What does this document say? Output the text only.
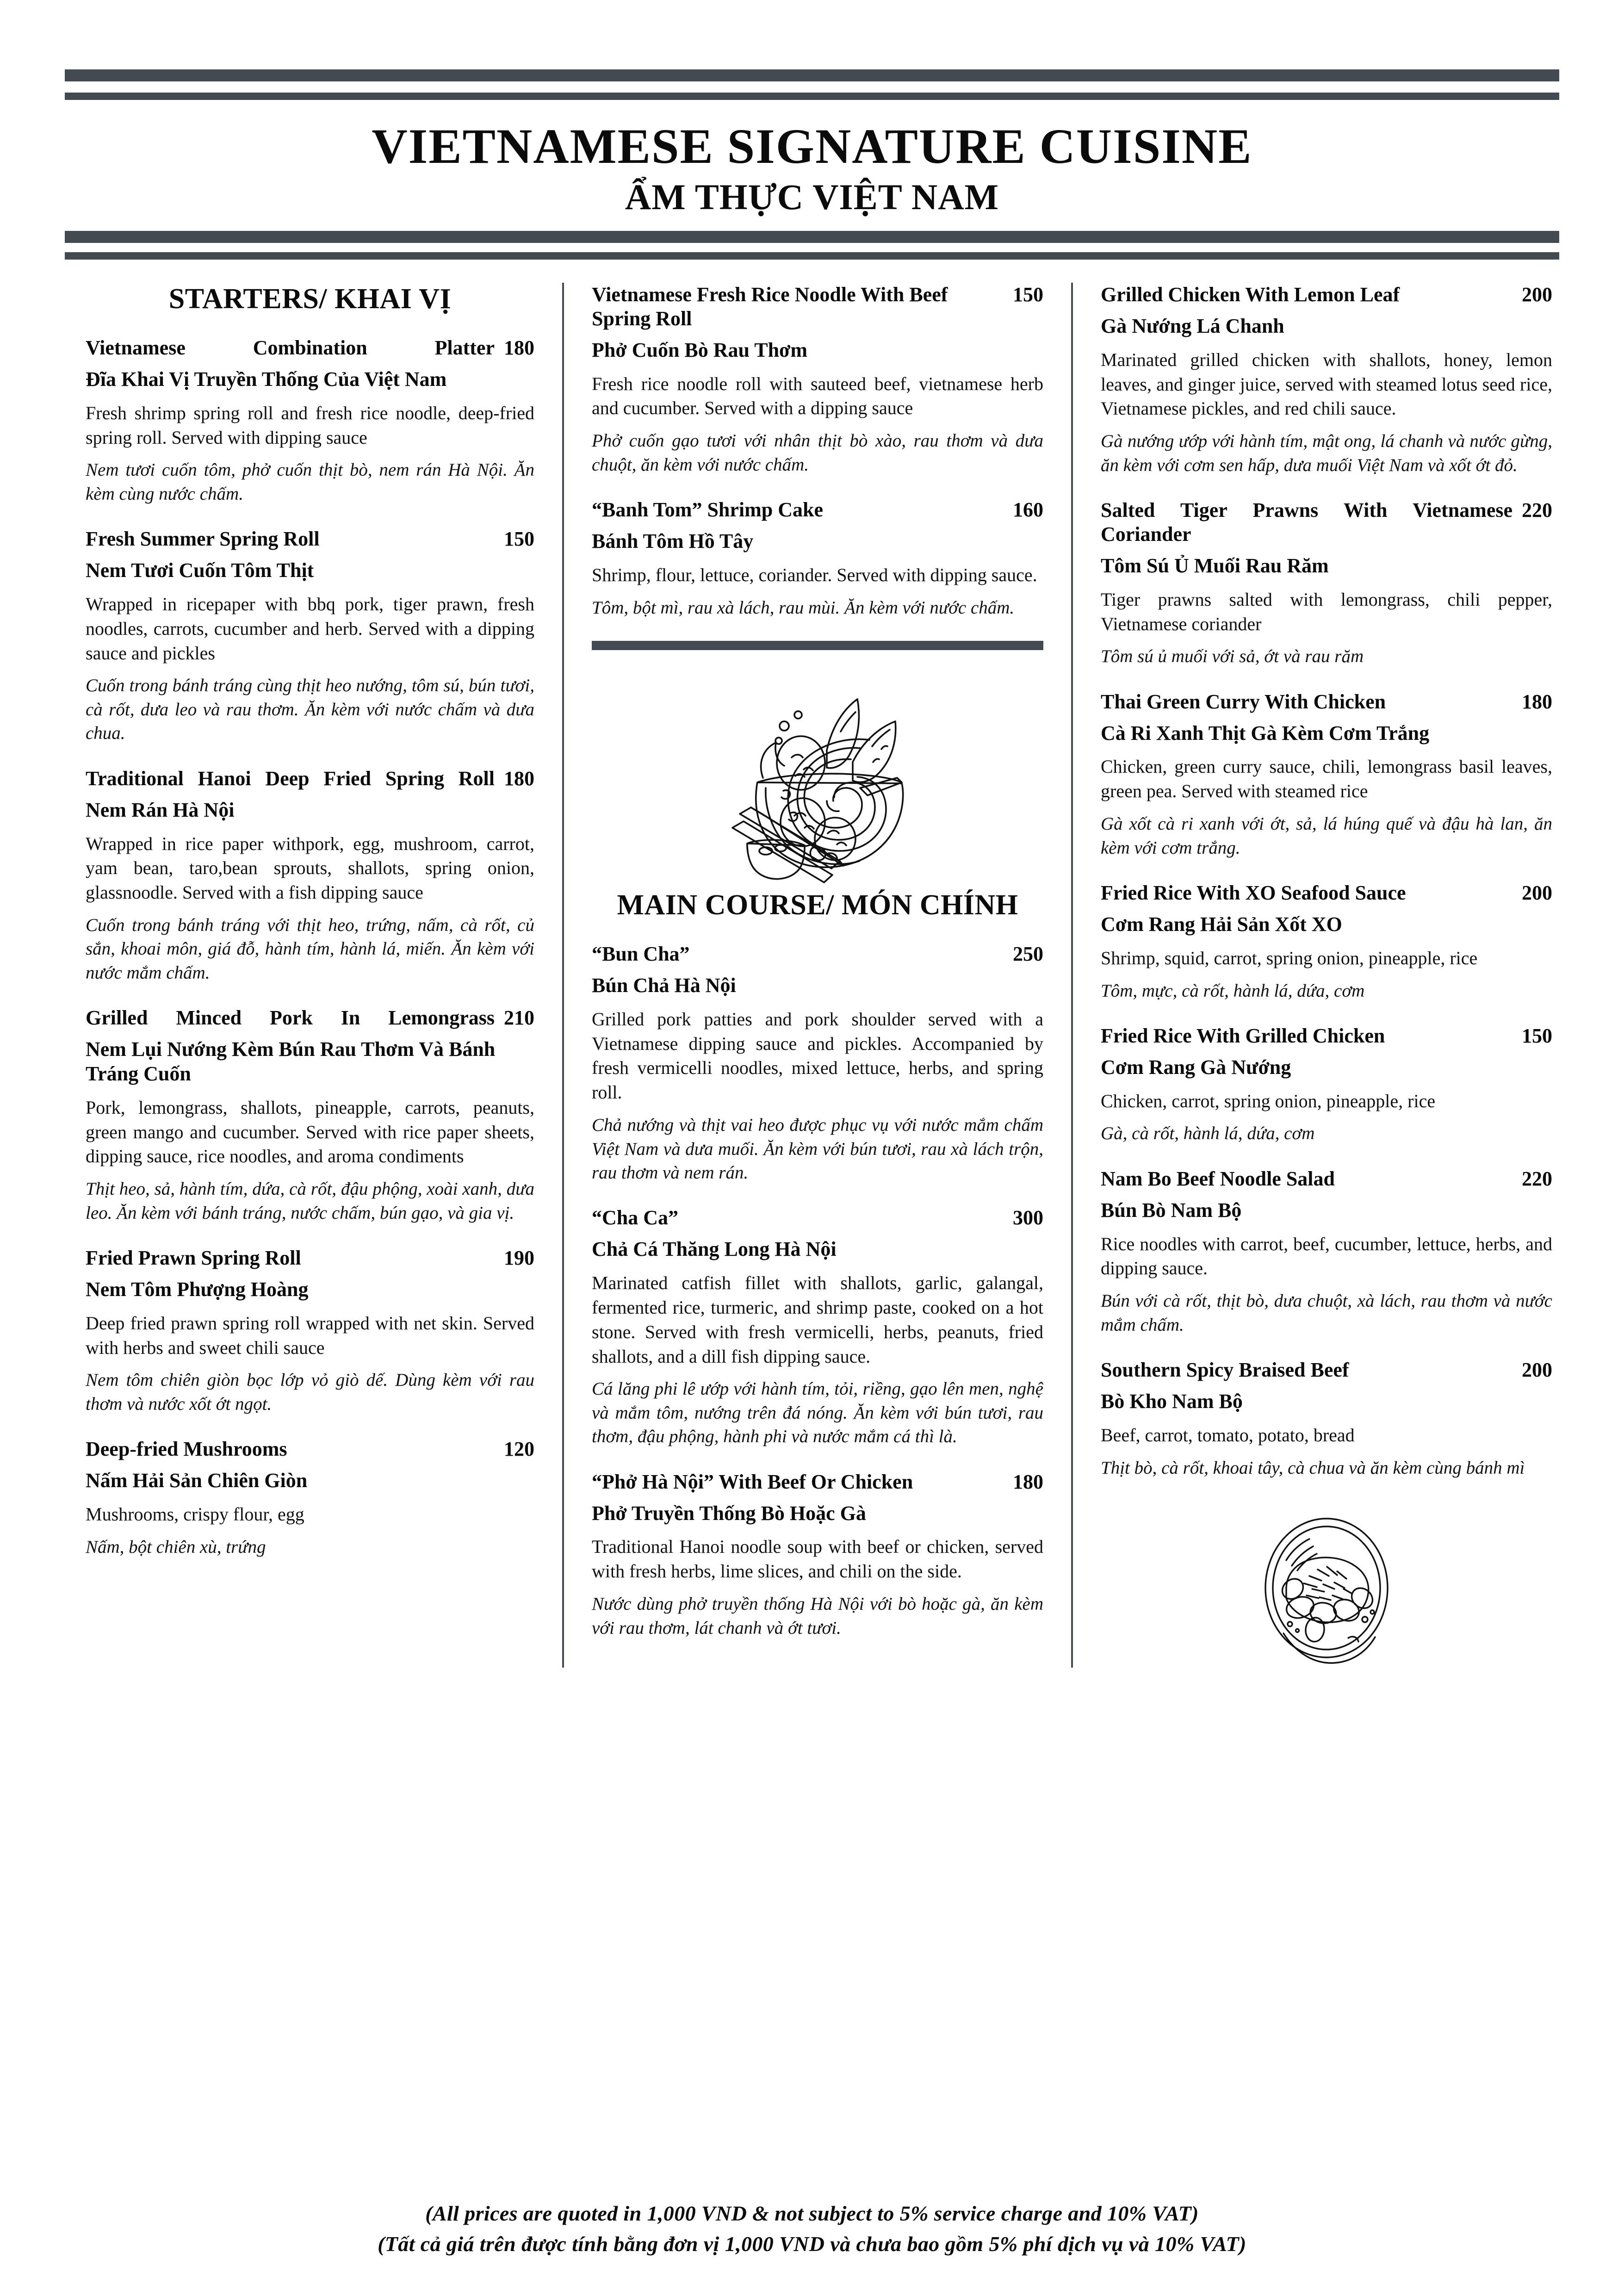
VIETNAMESE SIGNATURE CUISINE
ẨM THỰC VIỆT NAM
STARTERS/ KHAI VỊ
Vietnamese Combination Platter 180
Đĩa Khai Vị Truyền Thống Của Việt Nam
Fresh shrimp spring roll and fresh rice noodle, deep-fried spring roll. Served with dipping sauce
Nem tươi cuốn tôm, phở cuốn thịt bò, nem rán Hà Nội. Ăn kèm cùng nước chấm.
Fresh Summer Spring Roll	150
Nem Tươi Cuốn Tôm Thịt
Wrapped in ricepaper with bbq pork, tiger prawn, fresh noodles, carrots, cucumber and herb. Served with a dipping sauce and pickles
Cuốn trong bánh tráng cùng thịt heo nướng, tôm sú, bún tươi, cà rốt, dưa leo và rau thơm. Ăn kèm với nước chấm và dưa chua.
Traditional Hanoi Deep Fried Spring Roll 180
Nem Rán Hà Nội
Wrapped in rice paper withpork, egg, mushroom, carrot, yam bean, taro,bean sprouts, shallots, spring onion, glassnoodle. Served with a fish dipping sauce
Cuốn trong bánh tráng với thịt heo, trứng, nấm, cà rốt, củ sắn, khoai môn, giá đỗ, hành tím, hành lá, miến. Ăn kèm với nước mắm chấm.
Grilled Minced Pork In Lemongrass 210
Nem Lụi Nướng Kèm Bún Rau Thơm Và Bánh Tráng Cuốn
Pork, lemongrass, shallots, pineapple, carrots, peanuts, green mango and cucumber. Served with rice paper sheets, dipping sauce, rice noodles, and aroma condiments
Thịt heo, sả, hành tím, dứa, cà rốt, đậu phộng, xoài xanh, dưa leo. Ăn kèm với bánh tráng, nước chấm, bún gạo, và gia vị.
Fried Prawn Spring Roll	190
Nem Tôm Phượng Hoàng
Deep fried prawn spring roll wrapped with net skin. Served with herbs and sweet chili sauce
Nem tôm chiên giòn bọc lớp vỏ giò dế. Dùng kèm với rau thơm và nước xốt ớt ngọt.
Deep-fried Mushrooms	120
Nấm Hải Sản Chiên Giòn
Mushrooms, crispy flour, egg
Nấm, bột chiên xù, trứng
Vietnamese Fresh Rice Noodle With Beef Spring Roll
150
Phở Cuốn Bò Rau Thơm
Fresh rice noodle roll with sauteed beef, vietnamese herb and cucumber. Served with a dipping sauce
Phở cuốn gạo tươi với nhân thịt bò xào, rau thơm và dưa chuột, ăn kèm với nước chấm.
“Banh Tom” Shrimp Cake	160
Bánh Tôm Hồ Tây
Shrimp, flour, lettuce, coriander. Served with dipping sauce.
Tôm, bột mì, rau xà lách, rau mùi. Ăn kèm với nước chấm.
MAIN COURSE/ MÓN CHÍNH
“Bun Cha”	250
Bún Chả Hà Nội
Grilled pork patties and pork shoulder served with a Vietnamese dipping sauce and pickles. Accompanied by fresh vermicelli noodles, mixed lettuce, herbs, and spring roll.
Chả nướng và thịt vai heo được phục vụ với nước mắm chấm Việt Nam và dưa muối. Ăn kèm với bún tươi, rau xà lách trộn, rau thơm và nem rán.
“Cha Ca”	300
Chả Cá Thăng Long Hà Nội
Marinated catfish fillet with shallots, garlic, galangal, fermented rice, turmeric, and shrimp paste, cooked on a hot stone. Served with fresh vermicelli, herbs, peanuts, fried shallots, and a dill fish dipping sauce.
Cá lăng phi lê ướp với hành tím, tỏi, riềng, gạo lên men, nghệ và mắm tôm, nướng trên đá nóng. Ăn kèm với bún tươi, rau thơm, đậu phộng, hành phi và nước mắm cá thì là.
“Phở Hà Nội” With Beef Or Chicken	180
Phở Truyền Thống Bò Hoặc Gà
Traditional Hanoi noodle soup with beef or chicken, served with fresh herbs, lime slices, and chili on the side.
Nước dùng phở truyền thống Hà Nội với bò hoặc gà, ăn kèm với rau thơm, lát chanh và ớt tươi.
Grilled Chicken With Lemon Leaf	200
Gà Nướng Lá Chanh
Marinated grilled chicken with shallots, honey, lemon leaves, and ginger juice, served with steamed lotus seed rice, Vietnamese pickles, and red chili sauce.
Gà nướng ướp với hành tím, mật ong, lá chanh và nước gừng, ăn kèm với cơm sen hấp, dưa muối Việt Nam và xốt ớt đỏ.
Salted Tiger Prawns With Vietnamese Coriander
220
Tôm Sú Ủ Muối Rau Răm
Tiger prawns salted with lemongrass, chili pepper, Vietnamese coriander
Tôm sú ủ muối với sả, ớt và rau răm
Thai Green Curry With Chicken	180
Cà Ri Xanh Thịt Gà Kèm Cơm Trắng
Chicken, green curry sauce, chili, lemongrass basil leaves, green pea. Served with steamed rice
Gà xốt cà ri xanh với ớt, sả, lá húng quế và đậu hà lan, ăn kèm với cơm trắng.
Fried Rice With XO Seafood Sauce	200
Cơm Rang Hải Sản Xốt XO
Shrimp, squid, carrot, spring onion, pineapple, rice
Tôm, mực, cà rốt, hành lá, dứa, cơm
Fried Rice With Grilled Chicken	150
Cơm Rang Gà Nướng
Chicken, carrot, spring onion, pineapple, rice
Gà, cà rốt, hành lá, dứa, cơm
Nam Bo Beef Noodle Salad	220
Bún Bò Nam Bộ
Rice noodles with carrot, beef, cucumber, lettuce, herbs, and dipping sauce.
Bún với cà rốt, thịt bò, dưa chuột, xà lách, rau thơm và nước mắm chấm.
Southern Spicy Braised Beef	200
Bò Kho Nam Bộ
Beef, carrot, tomato, potato, bread
Thịt bò, cà rốt, khoai tây, cà chua và ăn kèm cùng bánh mì
(All prices are quoted in 1,000 VND & not subject to 5% service charge and 10% VAT)
(Tất cả giá trên được tính bằng đơn vị 1,000 VND và chưa bao gồm 5% phí dịch vụ và 10% VAT)
